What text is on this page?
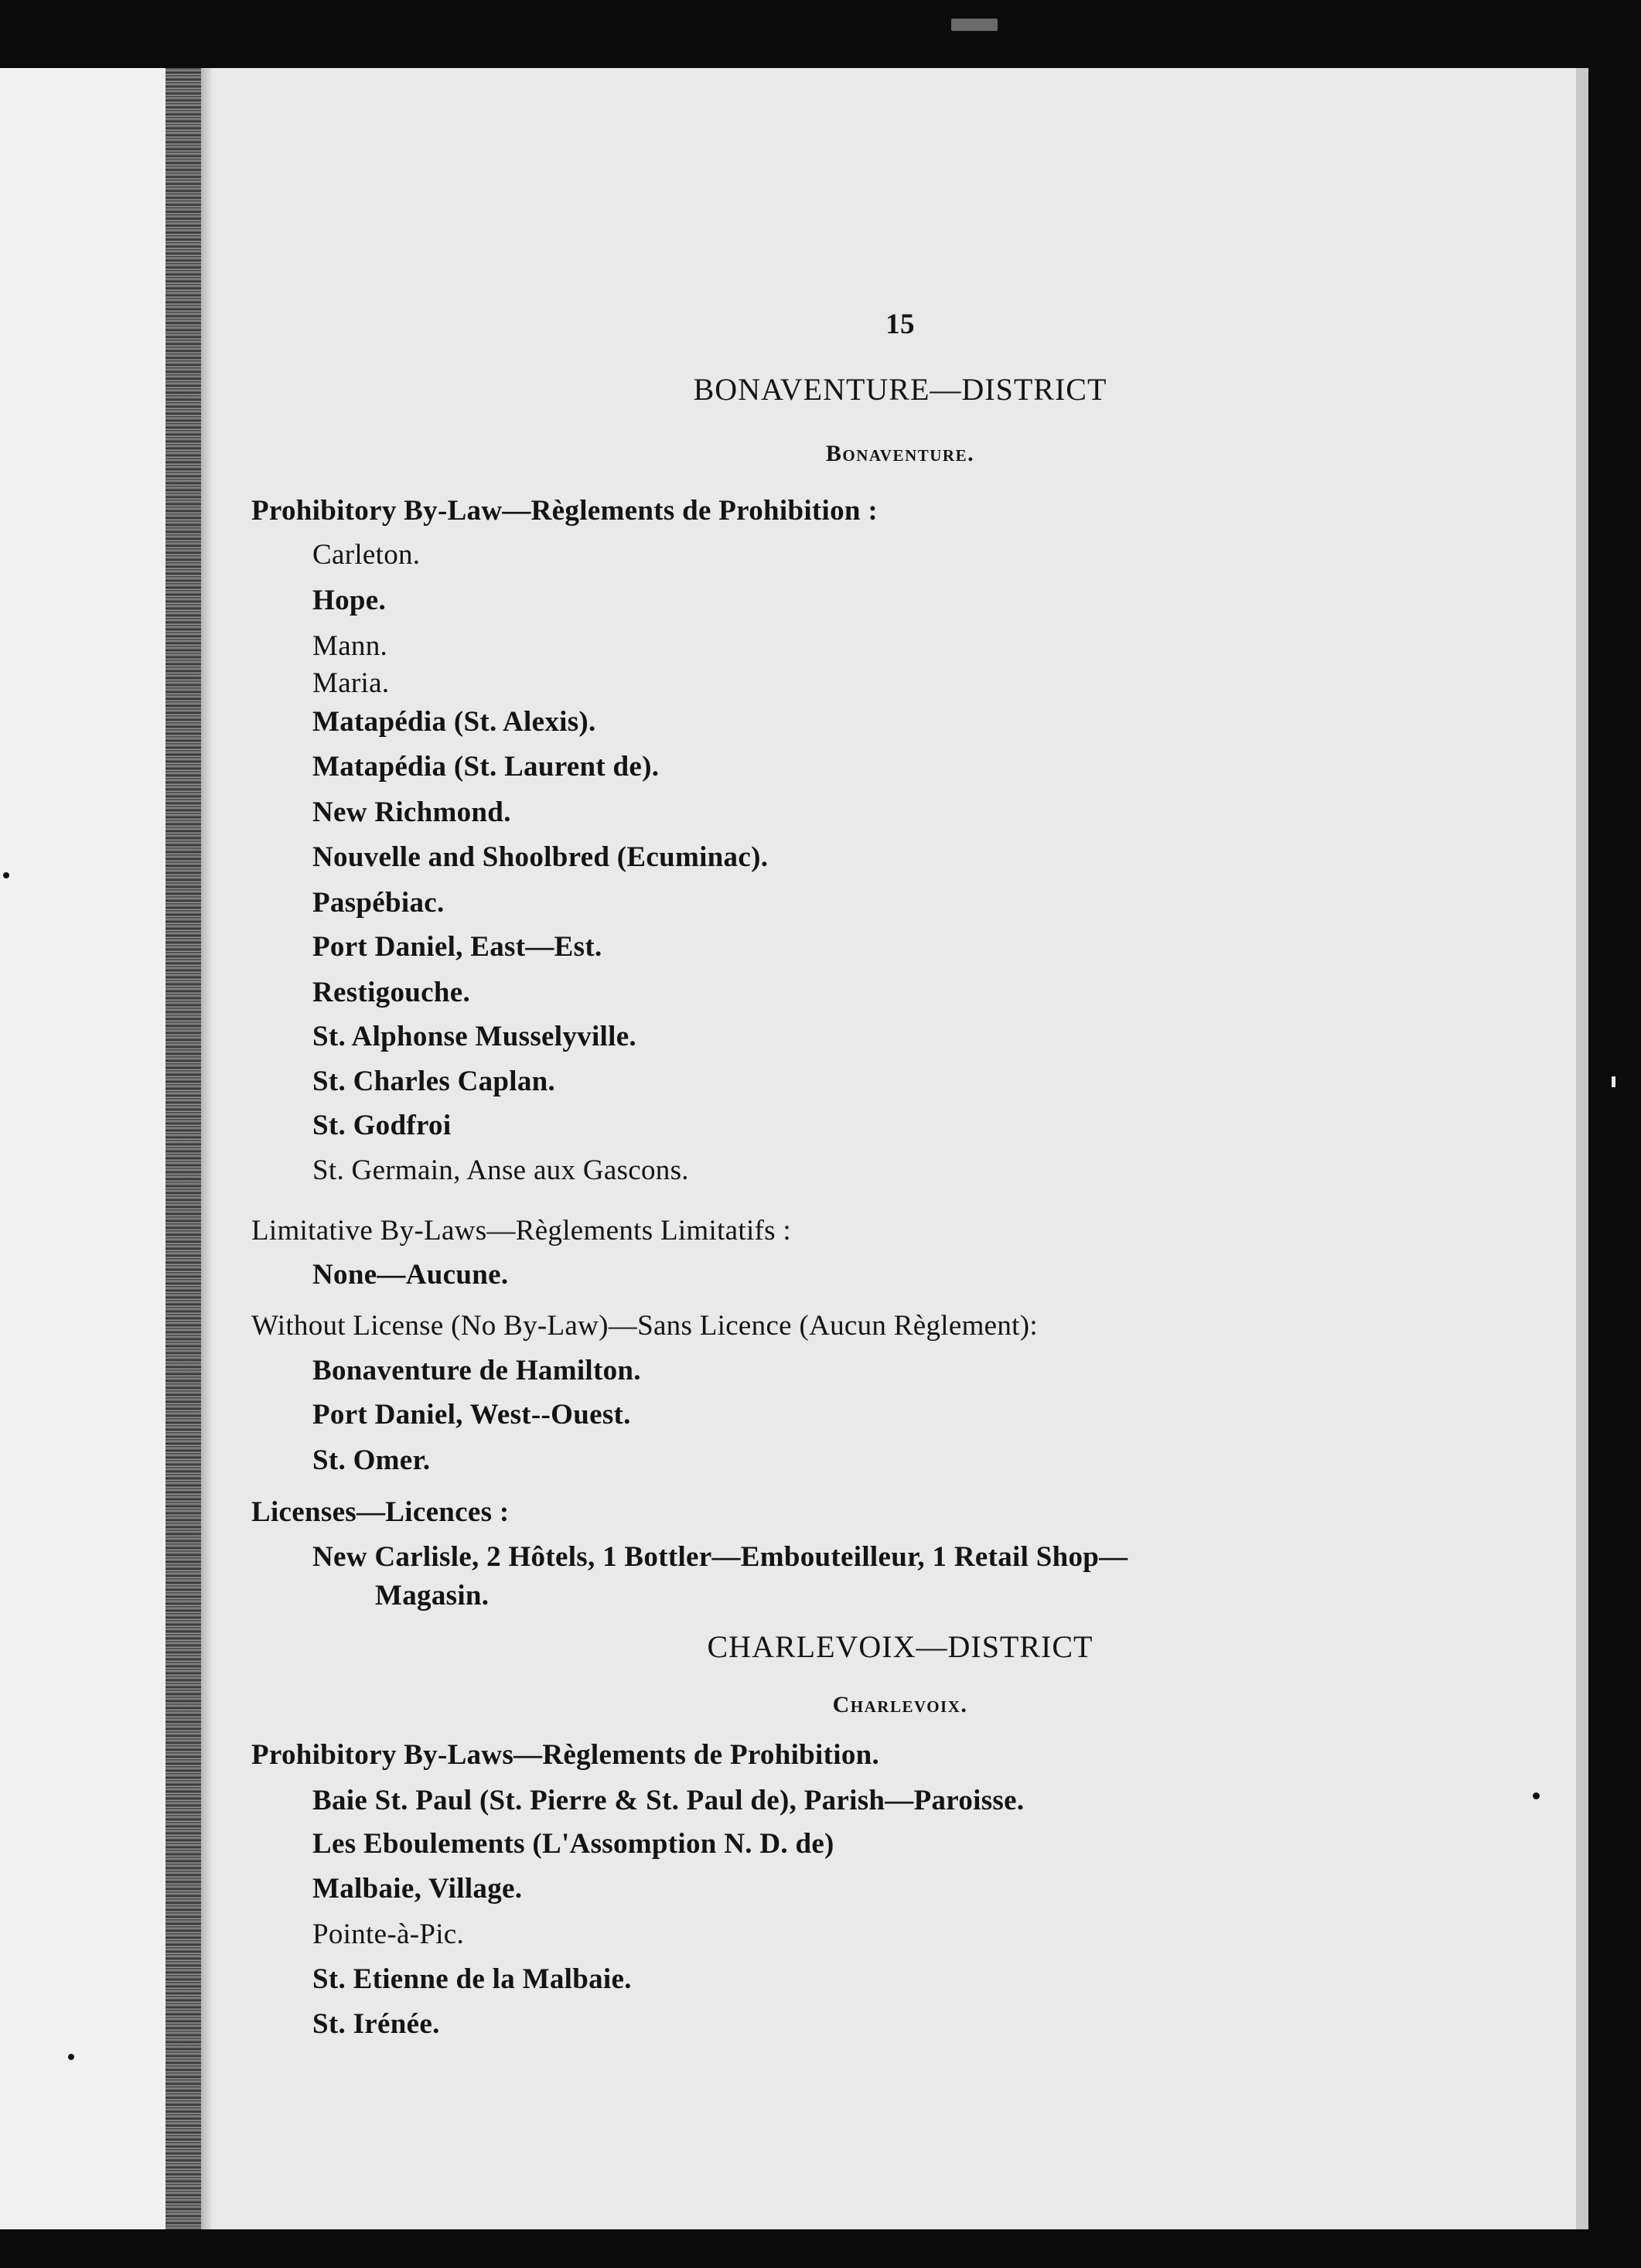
15
BONAVENTURE—DISTRICT
Bonaventure.
Prohibitory By-Law—Règlements de Prohibition :
Carleton.
Hope.
Mann.
Maria.
Matapédia (St. Alexis).
Matapédia (St. Laurent de).
New Richmond.
Nouvelle and Shoolbred (Ecuminac).
Paspébiac.
Port Daniel, East—Est.
Restigouche.
St. Alphonse Musselyville.
St. Charles Caplan.
St. Godfroi
St. Germain, Anse aux Gascons.
Limitative By-Laws—Règlements Limitatifs :
None—Aucune.
Without License (No By-Law)—Sans Licence (Aucun Règlement):
Bonaventure de Hamilton.
Port Daniel, West--Ouest.
St. Omer.
Licenses—Licences :
New Carlisle, 2 Hôtels, 1 Bottler—Embouteilleur, 1 Retail Shop—
Magasin.
CHARLEVOIX—DISTRICT
Charlevoix.
Prohibitory By-Laws—Règlements de Prohibition.
Baie St. Paul (St. Pierre & St. Paul de), Parish—Paroisse.
Les Eboulements (L'Assomption N. D. de)
Malbaie, Village.
Pointe-à-Pic.
St. Etienne de la Malbaie.
St. Irénée.
